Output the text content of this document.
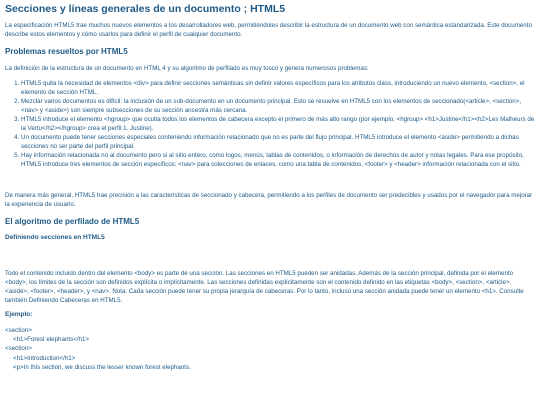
Secciones y líneas generales de un documento ; HTML5

La especificación HTML5 trae muchos nuevos elementos a los desarrolladores web, permitiéndoles describir la estructura de un documento web con semántica estandarizada. Este documento describe estos elementos y cómo usarlos para definir el perfil de cualquier documento.

Problemas resueltos por HTML5

La definición de la estructura de un documento en HTML 4 y su algoritmo de perfilado es muy tosco y genera numerosos problemas:

1. HTML5 quita la necesidad de elementos <div> para definir secciones semánticas sin definir valores específicos para los atributos class, introduciendo un nuevo elemento, <section>, el elemento de sección HTML.
2. Mezclar varios documentos es difícil: la inclusión de un sub-documento en un documento principal. Esto se resuelve en HTML5 con los elementos de seccionado(<article>, <section>, <nav> y <aside>) son siempre subsecciones de su sección ancestra más cercana.
3. HTML5 introduce el elemento <hgroup> que oculta todos los elementos de cabecera excepto el primero de más alto rango (por ejemplo, <hgroup> <h1>Justine</h1><h2>Les Malheurs de la Vertu</h2></hgroup> crea el perfil 1. Justine).
4. Un documento puede tener secciones especiales conteniendo información relacionado que no es parte del flujo principal. HTML5 introduce el elemento <aside> permitiendo a dichas secciones no ser parte del perfil principal.
5. Hay información relacionada no al documento pero si al sitio entero, como logos, menús, tablas de contenidos, o información de derechos de autor y notas legales. Para ese propósito, HTML5 introduce tres elementos de sección específicos: <nav> para colecciones de enlaces, como una tabla de contenidos, <footer> y <header> información relacionada con el sitio.

De manera más general, HTML5 trae precisión a las características de seccionado y cabecera, permitiendo a los perfiles de documento ser predecibles y usados por el navegador para mejorar la experiencia de usuario.

El algoritmo de perfilado de HTML5
Definiendo secciones en HTML5

Todo el contenido incluido dentro del elemento <body> es parte de una sección. Las secciones en HTML5 pueden ser anidadas. Además de la sección principal, definida por el elemento <body>, los límites de la sección son definidos explícita o implícitamente. Las secciones definidas explícitamente son el contenido definido en las etiquetas <body>, <section>, <article>, <aside>, <footer>, <header>, y <nav>. Nota: Cada sección puede tener su propia jerarquía de cabeceras. Por lo tanto, incluso una sección anidada puede tener un elemento <h1>. Consulte también Definiendo Cabeceras en HTML5.

Ejemplo:
<section>
<h1>Forest elephants</h1>
<section>
<h1>Introduction</h1>
<p>In this section, we discuss the lesser known forest elephants.
